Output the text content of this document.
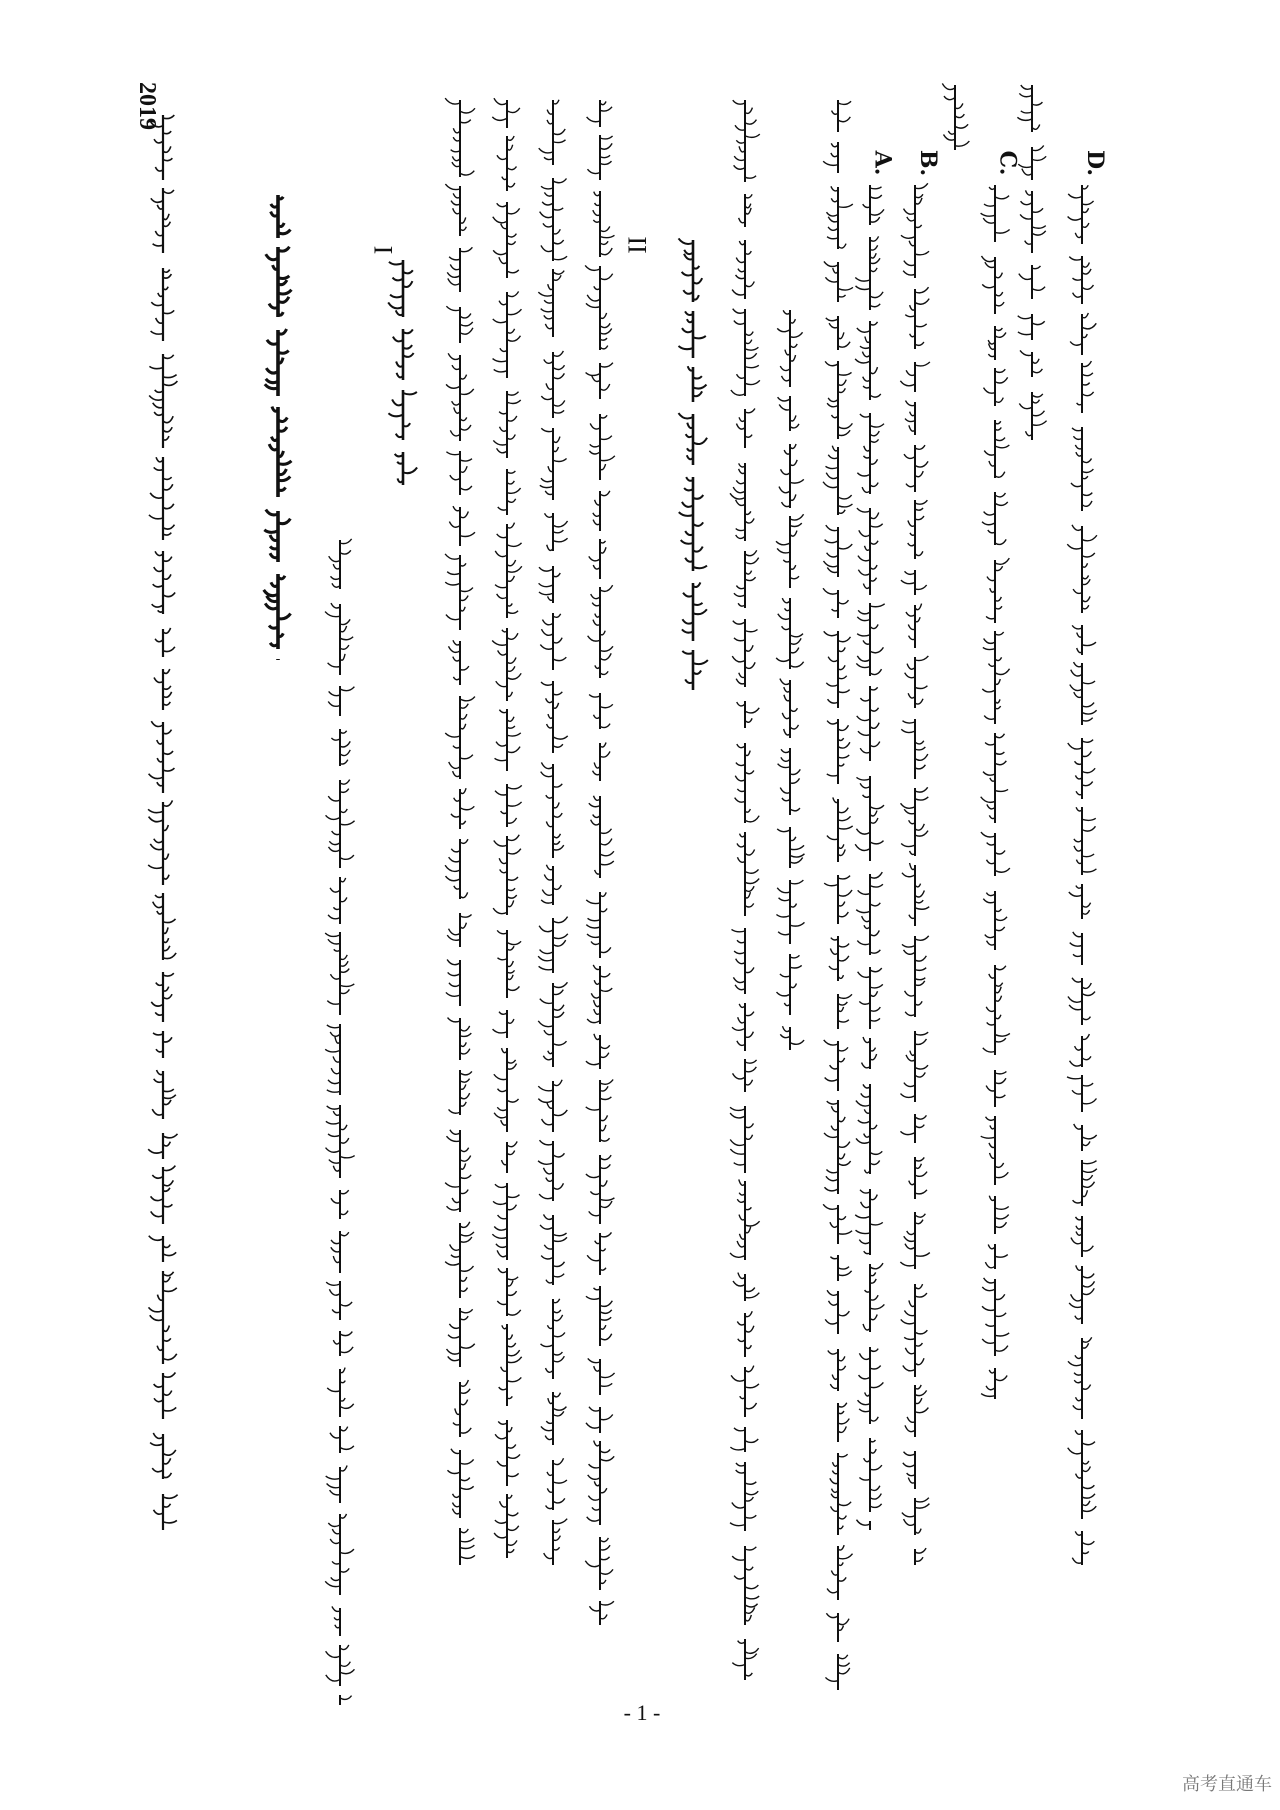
D.
C.
B.
A.
II
I
2019
- 1 -
高考直通车
